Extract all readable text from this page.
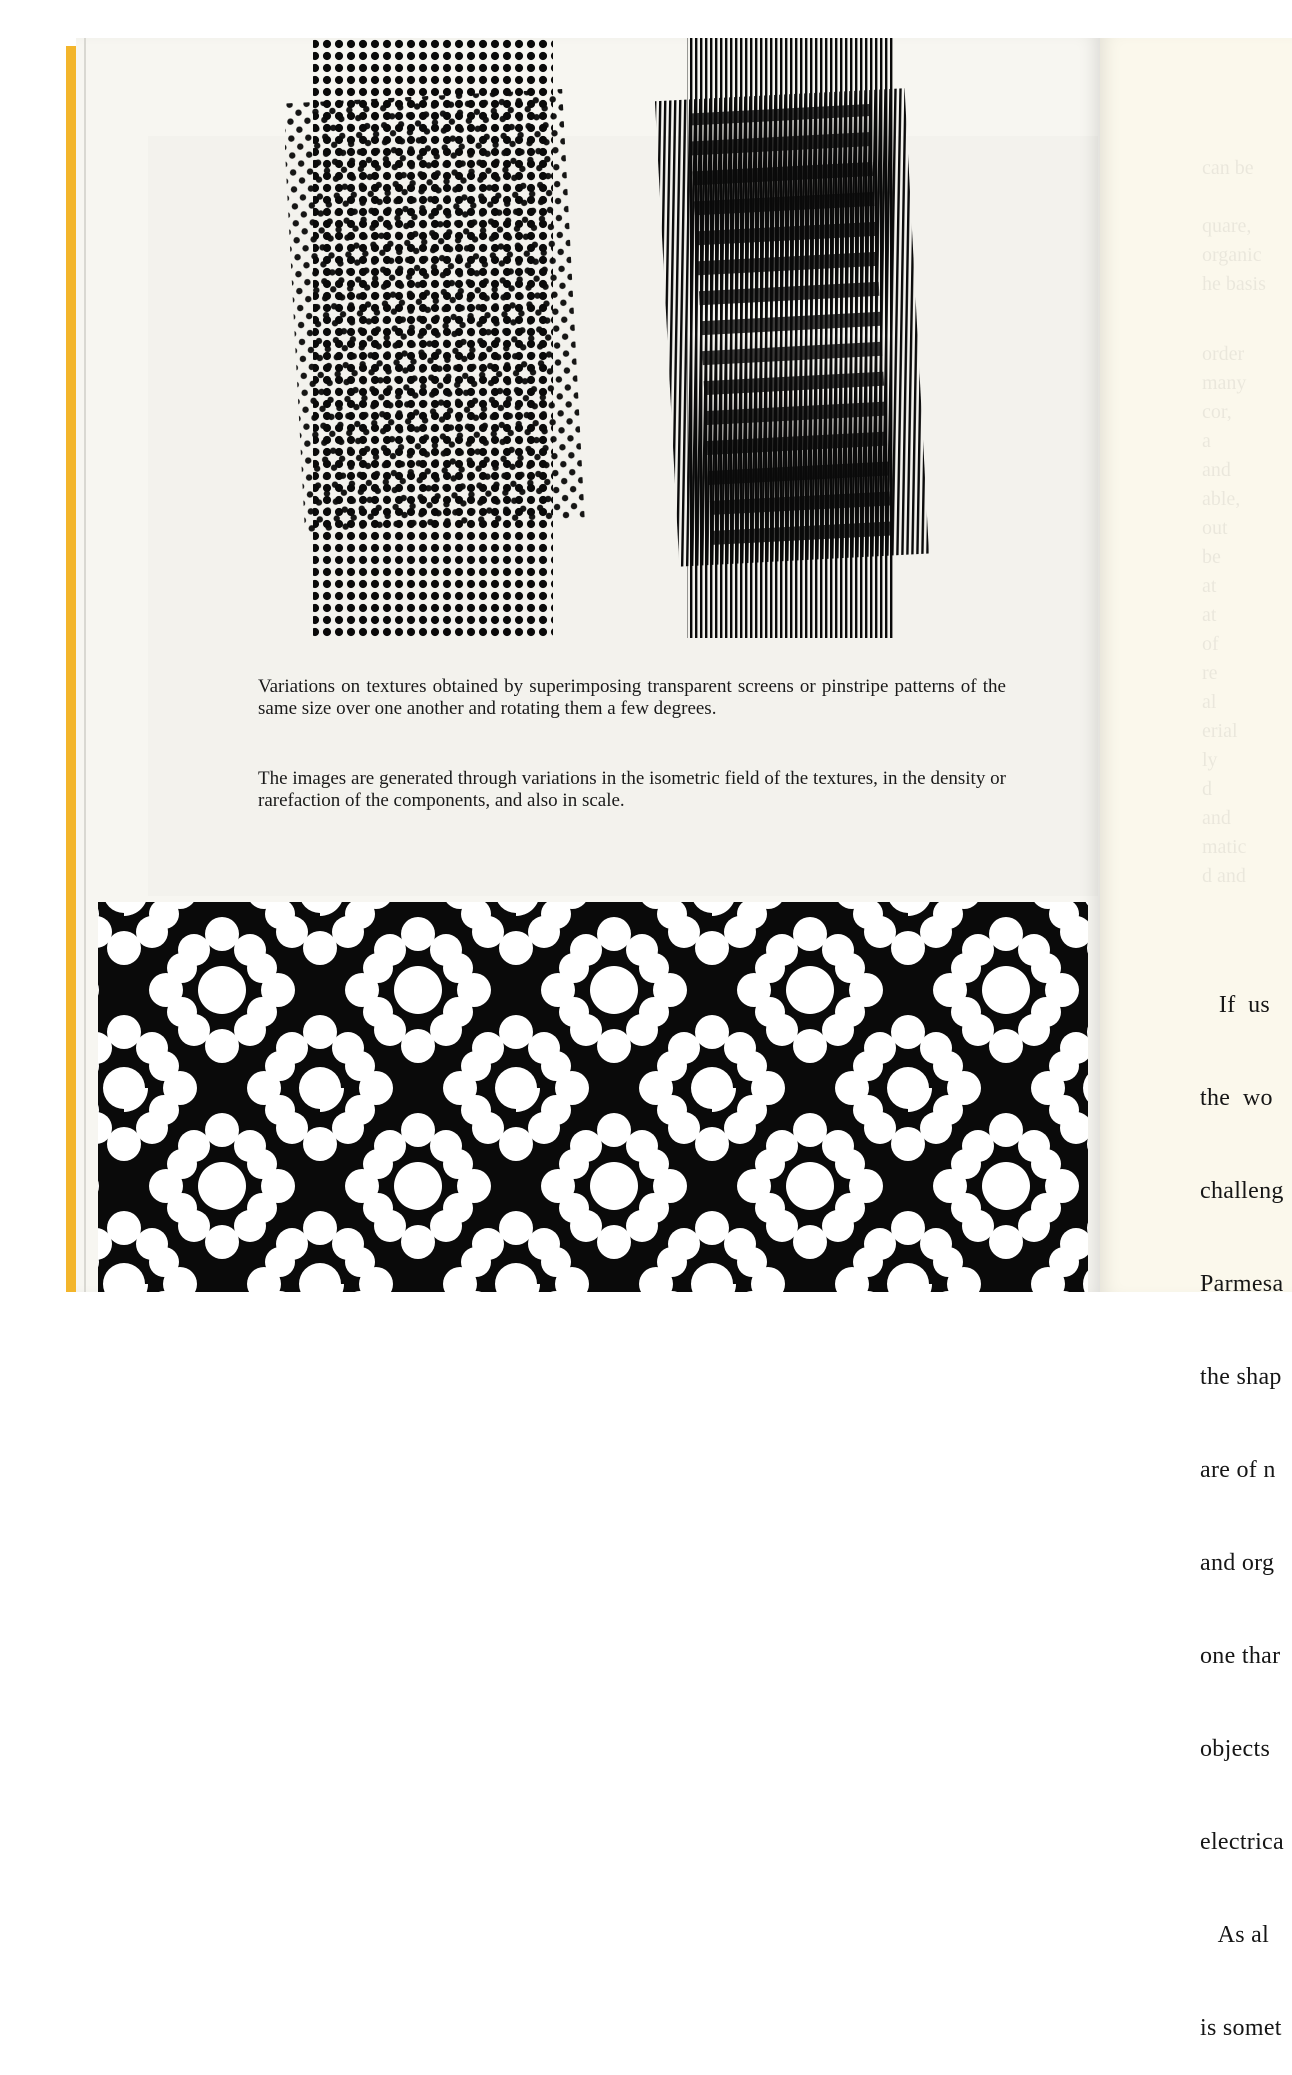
Variations on textures obtained by superimposing transparent screens or pinstripe patterns of the same size over one another and rotating them a few degrees.

The images are generated through variations in the isometric field of the textures, in the density or rarefaction of the components, and also in scale.

can be

quare,
organic
he basis

order
many
cor,
a
and
able,
out
be
at
at
of
re
al
erial
ly
d
and
matic
d and

If  us

the  wo

challeng

Parmesa

the shap

are of n

and org

one thar

objects

electrica

As al

is somet
